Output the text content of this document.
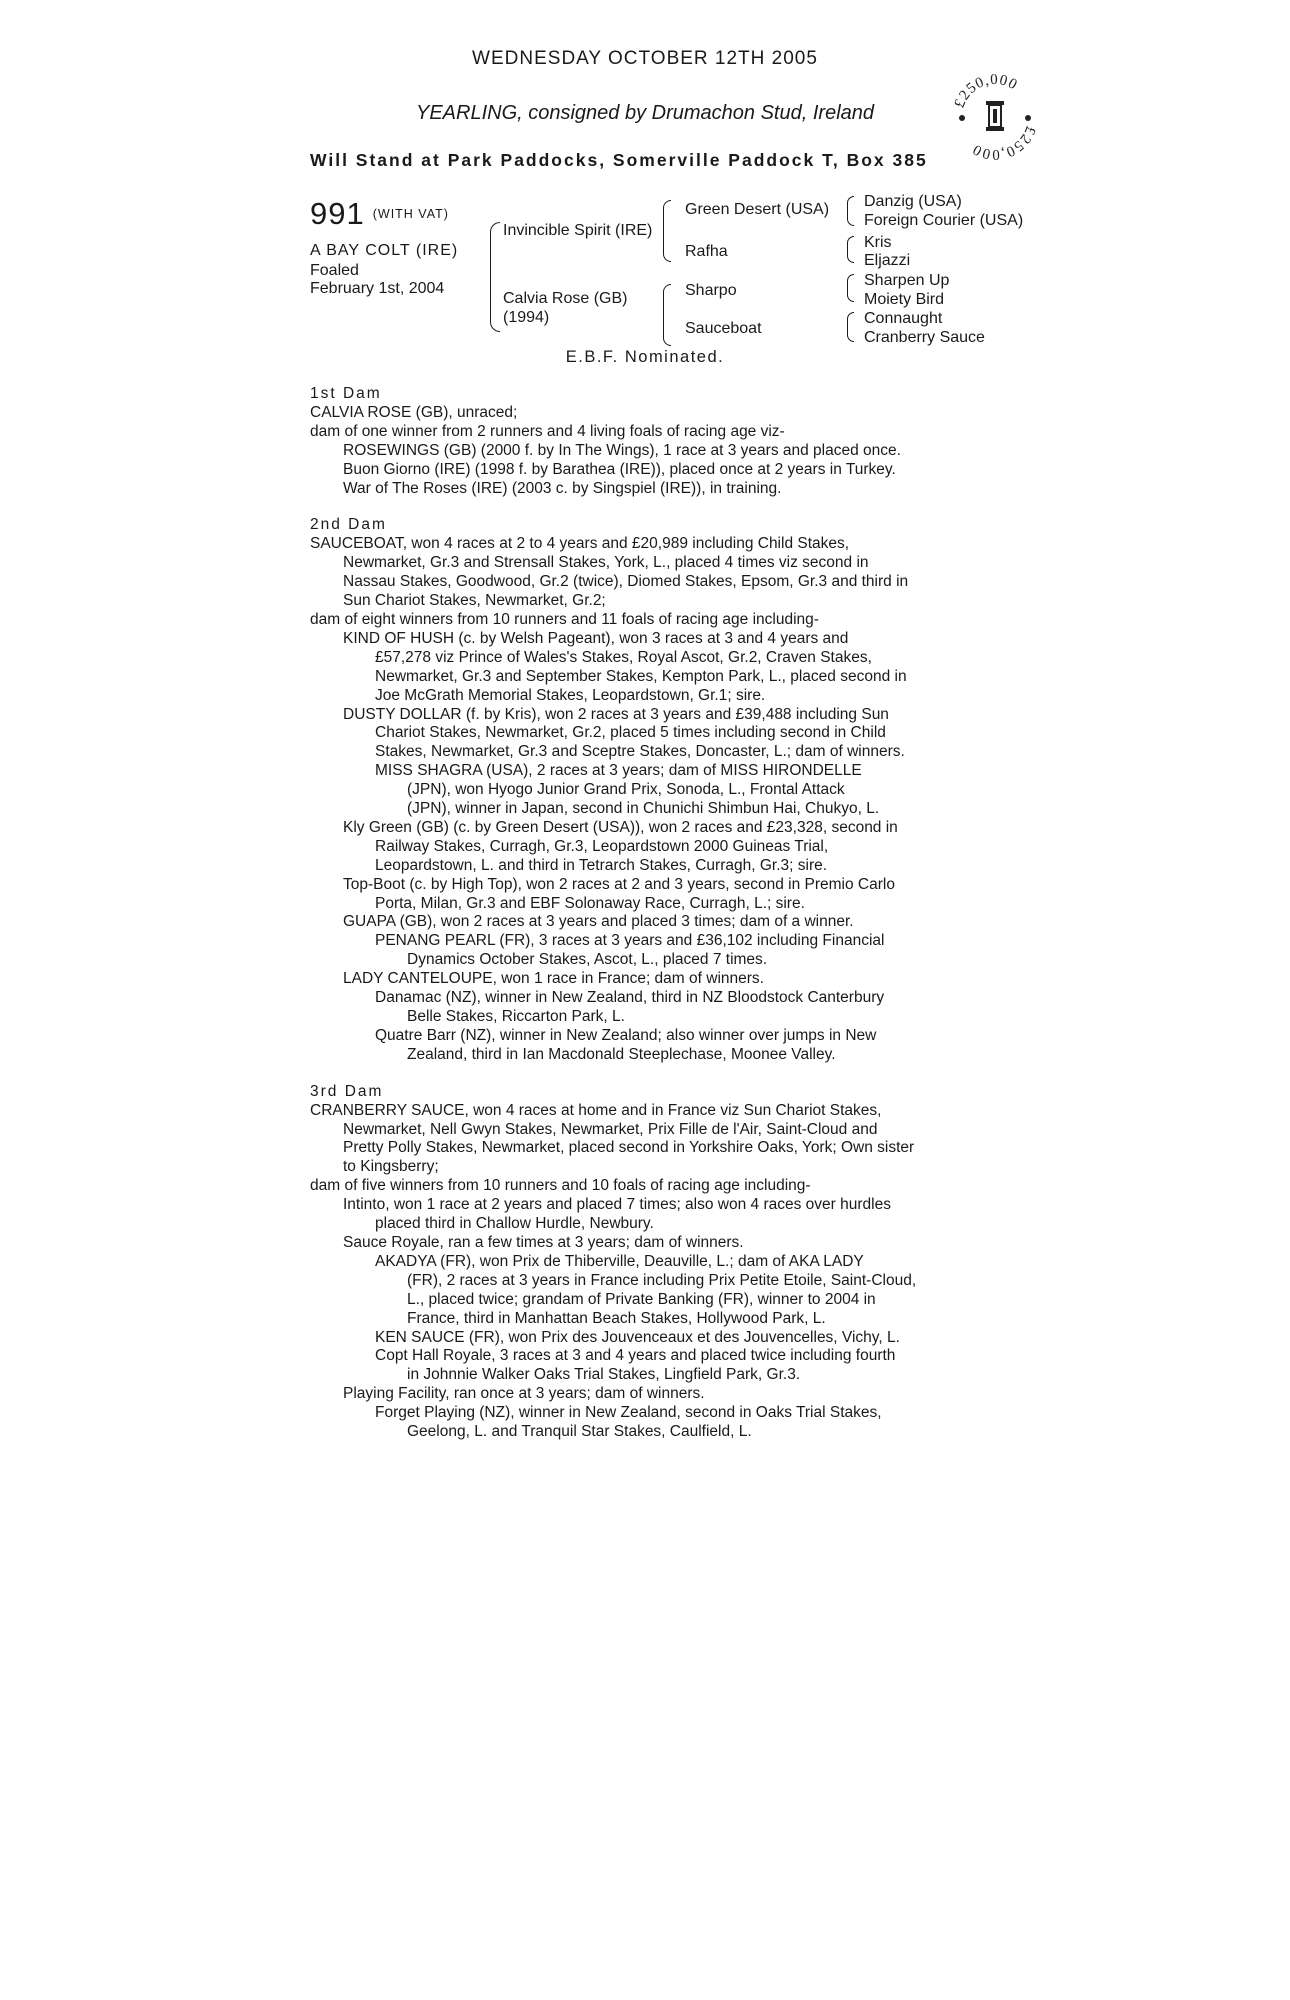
WEDNESDAY OCTOBER 12TH 2005
YEARLING, consigned by Drumachon Stud, Ireland
Will Stand at Park Paddocks, Somerville Paddock T, Box 385
£250,000
£250,000
991 (WITH VAT)
A BAY COLT (IRE)
Foaled
February 1st, 2004
Invincible Spirit (IRE)
Calvia Rose (GB)
(1994)
Green Desert (USA)
Rafha
Sharpo
Sauceboat
Danzig (USA)
Foreign Courier (USA)
Kris
Eljazzi
Sharpen Up
Moiety Bird
Connaught
Cranberry Sauce
E.B.F. Nominated.
1st Dam
CALVIA ROSE (GB), unraced;
dam of one winner from 2 runners and 4 living foals of racing age viz-
ROSEWINGS (GB) (2000 f. by In The Wings), 1 race at 3 years and placed once.
Buon Giorno (IRE) (1998 f. by Barathea (IRE)), placed once at 2 years in Turkey.
War of The Roses (IRE) (2003 c. by Singspiel (IRE)), in training.
2nd Dam
SAUCEBOAT, won 4 races at 2 to 4 years and £20,989 including Child Stakes,
Newmarket, Gr.3 and Strensall Stakes, York, L., placed 4 times viz second in
Nassau Stakes, Goodwood, Gr.2 (twice), Diomed Stakes, Epsom, Gr.3 and third in
Sun Chariot Stakes, Newmarket, Gr.2;
dam of eight winners from 10 runners and 11 foals of racing age including-
KIND OF HUSH (c. by Welsh Pageant), won 3 races at 3 and 4 years and
£57,278 viz Prince of Wales's Stakes, Royal Ascot, Gr.2, Craven Stakes,
Newmarket, Gr.3 and September Stakes, Kempton Park, L., placed second in
Joe McGrath Memorial Stakes, Leopardstown, Gr.1; sire.
DUSTY DOLLAR (f. by Kris), won 2 races at 3 years and £39,488 including Sun
Chariot Stakes, Newmarket, Gr.2, placed 5 times including second in Child
Stakes, Newmarket, Gr.3 and Sceptre Stakes, Doncaster, L.; dam of winners.
MISS SHAGRA (USA), 2 races at 3 years; dam of MISS HIRONDELLE
(JPN), won Hyogo Junior Grand Prix, Sonoda, L., Frontal Attack
(JPN), winner in Japan, second in Chunichi Shimbun Hai, Chukyo, L.
Kly Green (GB) (c. by Green Desert (USA)), won 2 races and £23,328, second in
Railway Stakes, Curragh, Gr.3, Leopardstown 2000 Guineas Trial,
Leopardstown, L. and third in Tetrarch Stakes, Curragh, Gr.3; sire.
Top-Boot (c. by High Top), won 2 races at 2 and 3 years, second in Premio Carlo
Porta, Milan, Gr.3 and EBF Solonaway Race, Curragh, L.; sire.
GUAPA (GB), won 2 races at 3 years and placed 3 times; dam of a winner.
PENANG PEARL (FR), 3 races at 3 years and £36,102 including Financial
Dynamics October Stakes, Ascot, L., placed 7 times.
LADY CANTELOUPE, won 1 race in France; dam of winners.
Danamac (NZ), winner in New Zealand, third in NZ Bloodstock Canterbury
Belle Stakes, Riccarton Park, L.
Quatre Barr (NZ), winner in New Zealand; also winner over jumps in New
Zealand, third in Ian Macdonald Steeplechase, Moonee Valley.
3rd Dam
CRANBERRY SAUCE, won 4 races at home and in France viz Sun Chariot Stakes,
Newmarket, Nell Gwyn Stakes, Newmarket, Prix Fille de l'Air, Saint-Cloud and
Pretty Polly Stakes, Newmarket, placed second in Yorkshire Oaks, York; Own sister
to Kingsberry;
dam of five winners from 10 runners and 10 foals of racing age including-
Intinto, won 1 race at 2 years and placed 7 times; also won 4 races over hurdles
placed third in Challow Hurdle, Newbury.
Sauce Royale, ran a few times at 3 years; dam of winners.
AKADYA (FR), won Prix de Thiberville, Deauville, L.; dam of AKA LADY
(FR), 2 races at 3 years in France including Prix Petite Etoile, Saint-Cloud,
L., placed twice; grandam of Private Banking (FR), winner to 2004 in
France, third in Manhattan Beach Stakes, Hollywood Park, L.
KEN SAUCE (FR), won Prix des Jouvenceaux et des Jouvencelles, Vichy, L.
Copt Hall Royale, 3 races at 3 and 4 years and placed twice including fourth
in Johnnie Walker Oaks Trial Stakes, Lingfield Park, Gr.3.
Playing Facility, ran once at 3 years; dam of winners.
Forget Playing (NZ), winner in New Zealand, second in Oaks Trial Stakes,
Geelong, L. and Tranquil Star Stakes, Caulfield, L.
